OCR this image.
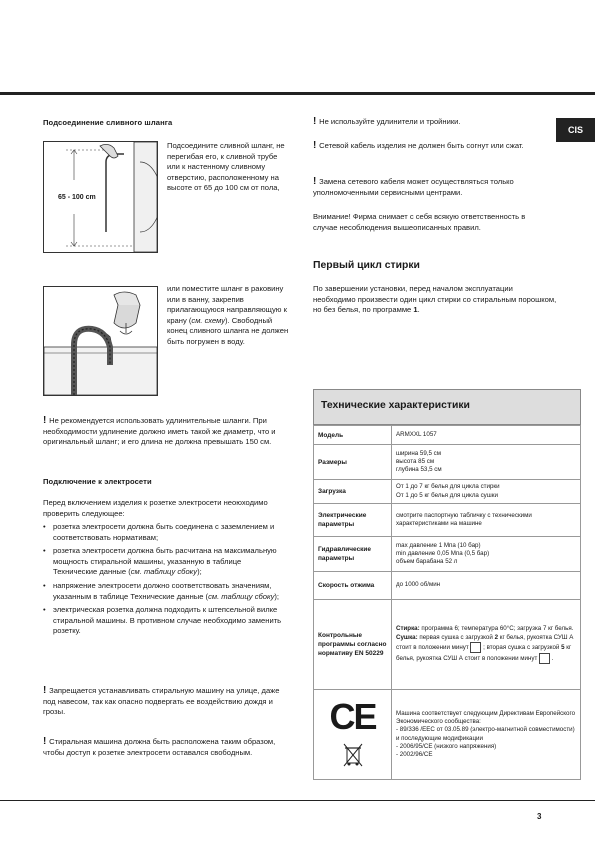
CIS
Подсоединение сливного шланга
65 - 100 cm
Подсоедините сливной шланг, не перегибая его, к сливной трубе или к настенному сливному отверстию, расположенному на высоте от 65 до 100 см от пола,
или поместите шланг в раковину или в ванну, закрепив прилагающуюся направляющую к крану (см. схему). Свободный конец сливного шланга не должен быть погружен в воду.
! Не рекомендуется использовать удлинительные шланги. При необходимости удлинение должно иметь такой же диаметр, что и оригинальный шланг; и его длина не должна превышать 150 см.
Подключение к электросети
Перед включением изделия к розетке электросети неоюходимо проверить следующее:
• розетка электросети должна быть соединена с заземлением и соответствовать нормативам;
• розетка электросети должна быть расчитана на максимальную мощность стиральной машины, указанную в таблице Технические данные (см. таблицу сбоку);
• напряжение электросети должно соответствовать значениям, указанным в таблице Технические данные (см. таблицу сбоку);
• электрическая розетка должна подходить к штепсельной вилке стиральной машины. В противном случае необходимо заменить розетку.
! Запрещается устанавливать стиральную машину на улице, даже под навесом, так как опасно подвергать ее воздействию дождя и грозы.
! Стиральная машина должна быть расположена таким образом, чтобы доступ к розетке электросети оставался свободным.
! Не используйте удлинители и тройники.
! Сетевой кабель изделия не должен быть согнут или сжат.
! Замена сетевого кабеля может осуществляться только уполномоченными сервисными центрами.
Внимание! Фирма снимает с себя всякую ответственность в случае несоблюдения вышеописанных правил.
Первый цикл стирки
По завершении установки, перед началом эксплуатации необходимо произвести один цикл стирки со стиральным порошком, но без белья, по программе 1.
Технические характеристики
Модель	ARMXXL 1057
Размеры	ширина 59,5 см
высота 85 см
глубина 53,5 см

Загрузка	От 1 до 7 кг белья для цикла стирки
От 1 до 5 кг белья для цикла сушки

Электрические параметры	смотрите паспортную табличку с техническими характеристиками на машине
Гидравлические параметры	max давление 1 Мпа (10 бар)
min давление 0,05 Мпа (0,5 бар)
объем барабана 52 л

Скорость отжима	до 1000 об/мин
Контрольные программы согласно нормативу EN 50229	Стирка: программа 6; температура 60°C; загрузка 7 кг белья.
Сушка: первая сушка с загрузкой 2 кг белья, рукоятка СУШ А стоит в положении минут  ; вторая сушка с загрузкой 5 кг белья, рукоятка СУШ А стоит в положении минут  .

CE	Машина соответствует следующим Директивам Европейского Экономического сообщества:
- 89/336 /ЕЕС от 03.05.89 (электро-магнитной совместимости) и последующие модификации
- 2006/95/CE (низкого напряжения)
- 2002/96/CE
3
